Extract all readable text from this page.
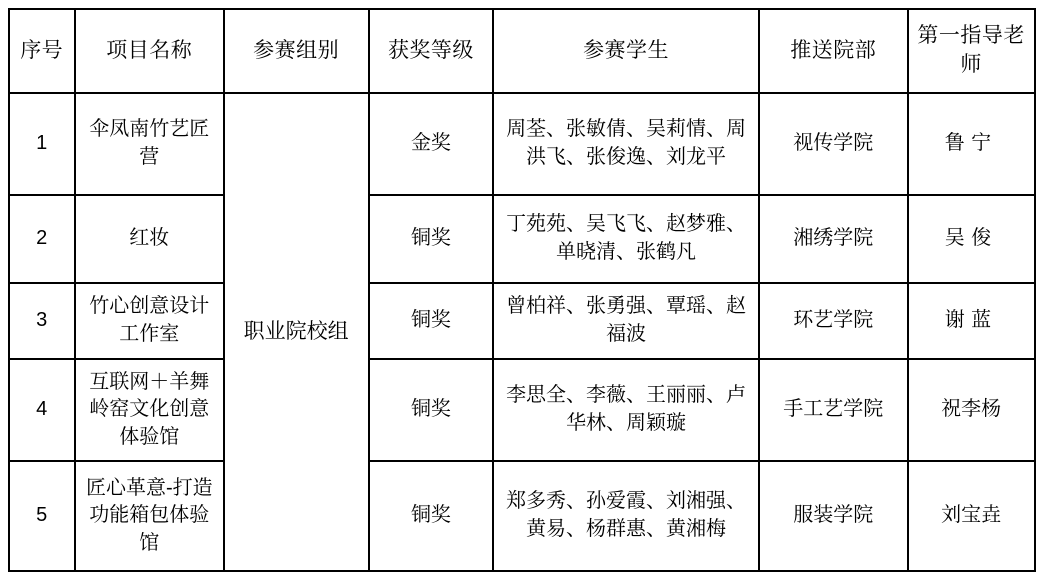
序号	项目名称	参赛组别	获奖等级	参赛学生	推送院部	第一指导老师
1	伞凤南竹艺匠营	职业院校组	金奖	周荃、张敏倩、吴莉情、周洪飞、张俊逸、刘龙平	视传学院	鲁宁
2	红妆		铜奖	丁苑苑、吴飞飞、赵梦雅、单晓清、张鹤凡	湘绣学院	吴俊
3	竹心创意设计工作室		铜奖	曾柏祥、张勇强、覃瑶、赵福波	环艺学院	谢蓝
4	互联网＋羊舞岭窑文化创意体验馆		铜奖	李思全、李薇、王丽丽、卢华林、周颖璇	手工艺学院	祝李杨
5	匠心革意-打造功能箱包体验馆		铜奖	郑多秀、孙爱霞、刘湘强、黄易、杨群惠、黄湘梅	服装学院	刘宝垚
